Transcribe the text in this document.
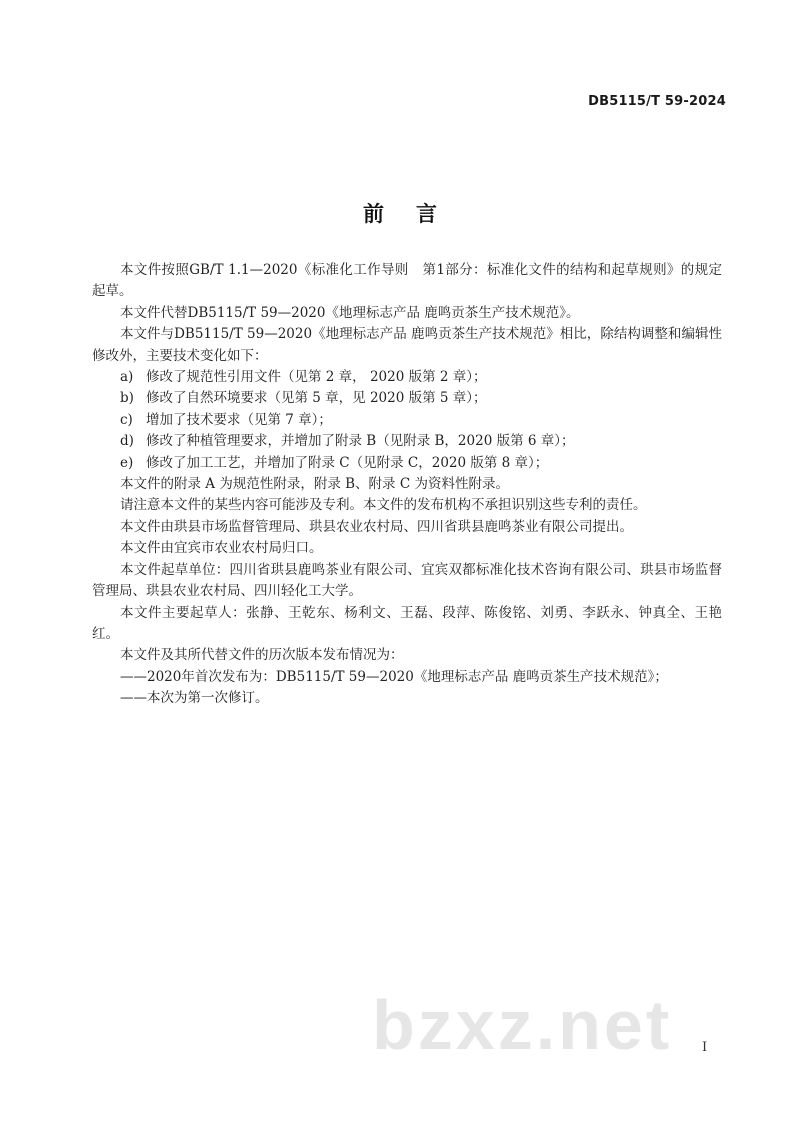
DB5115/T 59-2024
前 言

本文件按照GB/T 1.1—2020《标准化工作导则　第1部分：标准化文件的结构和起草规则》的规定起草。

本文件代替DB5115/T 59—2020《地理标志产品 鹿鸣贡茶生产技术规范》。

本文件与DB5115/T 59—2020《地理标志产品 鹿鸣贡茶生产技术规范》相比，除结构调整和编辑性修改外，主要技术变化如下：

a) 修改了规范性引用文件（见第 2 章， 2020 版第 2 章）；
b) 修改了自然环境要求（见第 5 章，见 2020 版第 5 章）；
c) 增加了技术要求（见第 7 章）；
d) 修改了种植管理要求，并增加了附录 B（见附录 B，2020 版第 6 章）；
e) 修改了加工工艺，并增加了附录 C（见附录 C，2020 版第 8 章）；

本文件的附录 A 为规范性附录，附录 B、附录 C 为资料性附录。

请注意本文件的某些内容可能涉及专利。本文件的发布机构不承担识别这些专利的责任。

本文件由珙县市场监督管理局、珙县农业农村局、四川省珙县鹿鸣茶业有限公司提出。

本文件由宜宾市农业农村局归口。

本文件起草单位：四川省珙县鹿鸣茶业有限公司、宜宾双都标准化技术咨询有限公司、珙县市场监督管理局、珙县农业农村局、四川轻化工大学。

本文件主要起草人：张静、王乾东、杨利文、王磊、段萍、陈俊铭、刘勇、李跃永、钟真全、王艳红。

本文件及其所代替文件的历次版本发布情况为：

——2020年首次发布为：DB5115/T 59—2020《地理标志产品 鹿鸣贡茶生产技术规范》；

——本次为第一次修订。

bzxz.net I
